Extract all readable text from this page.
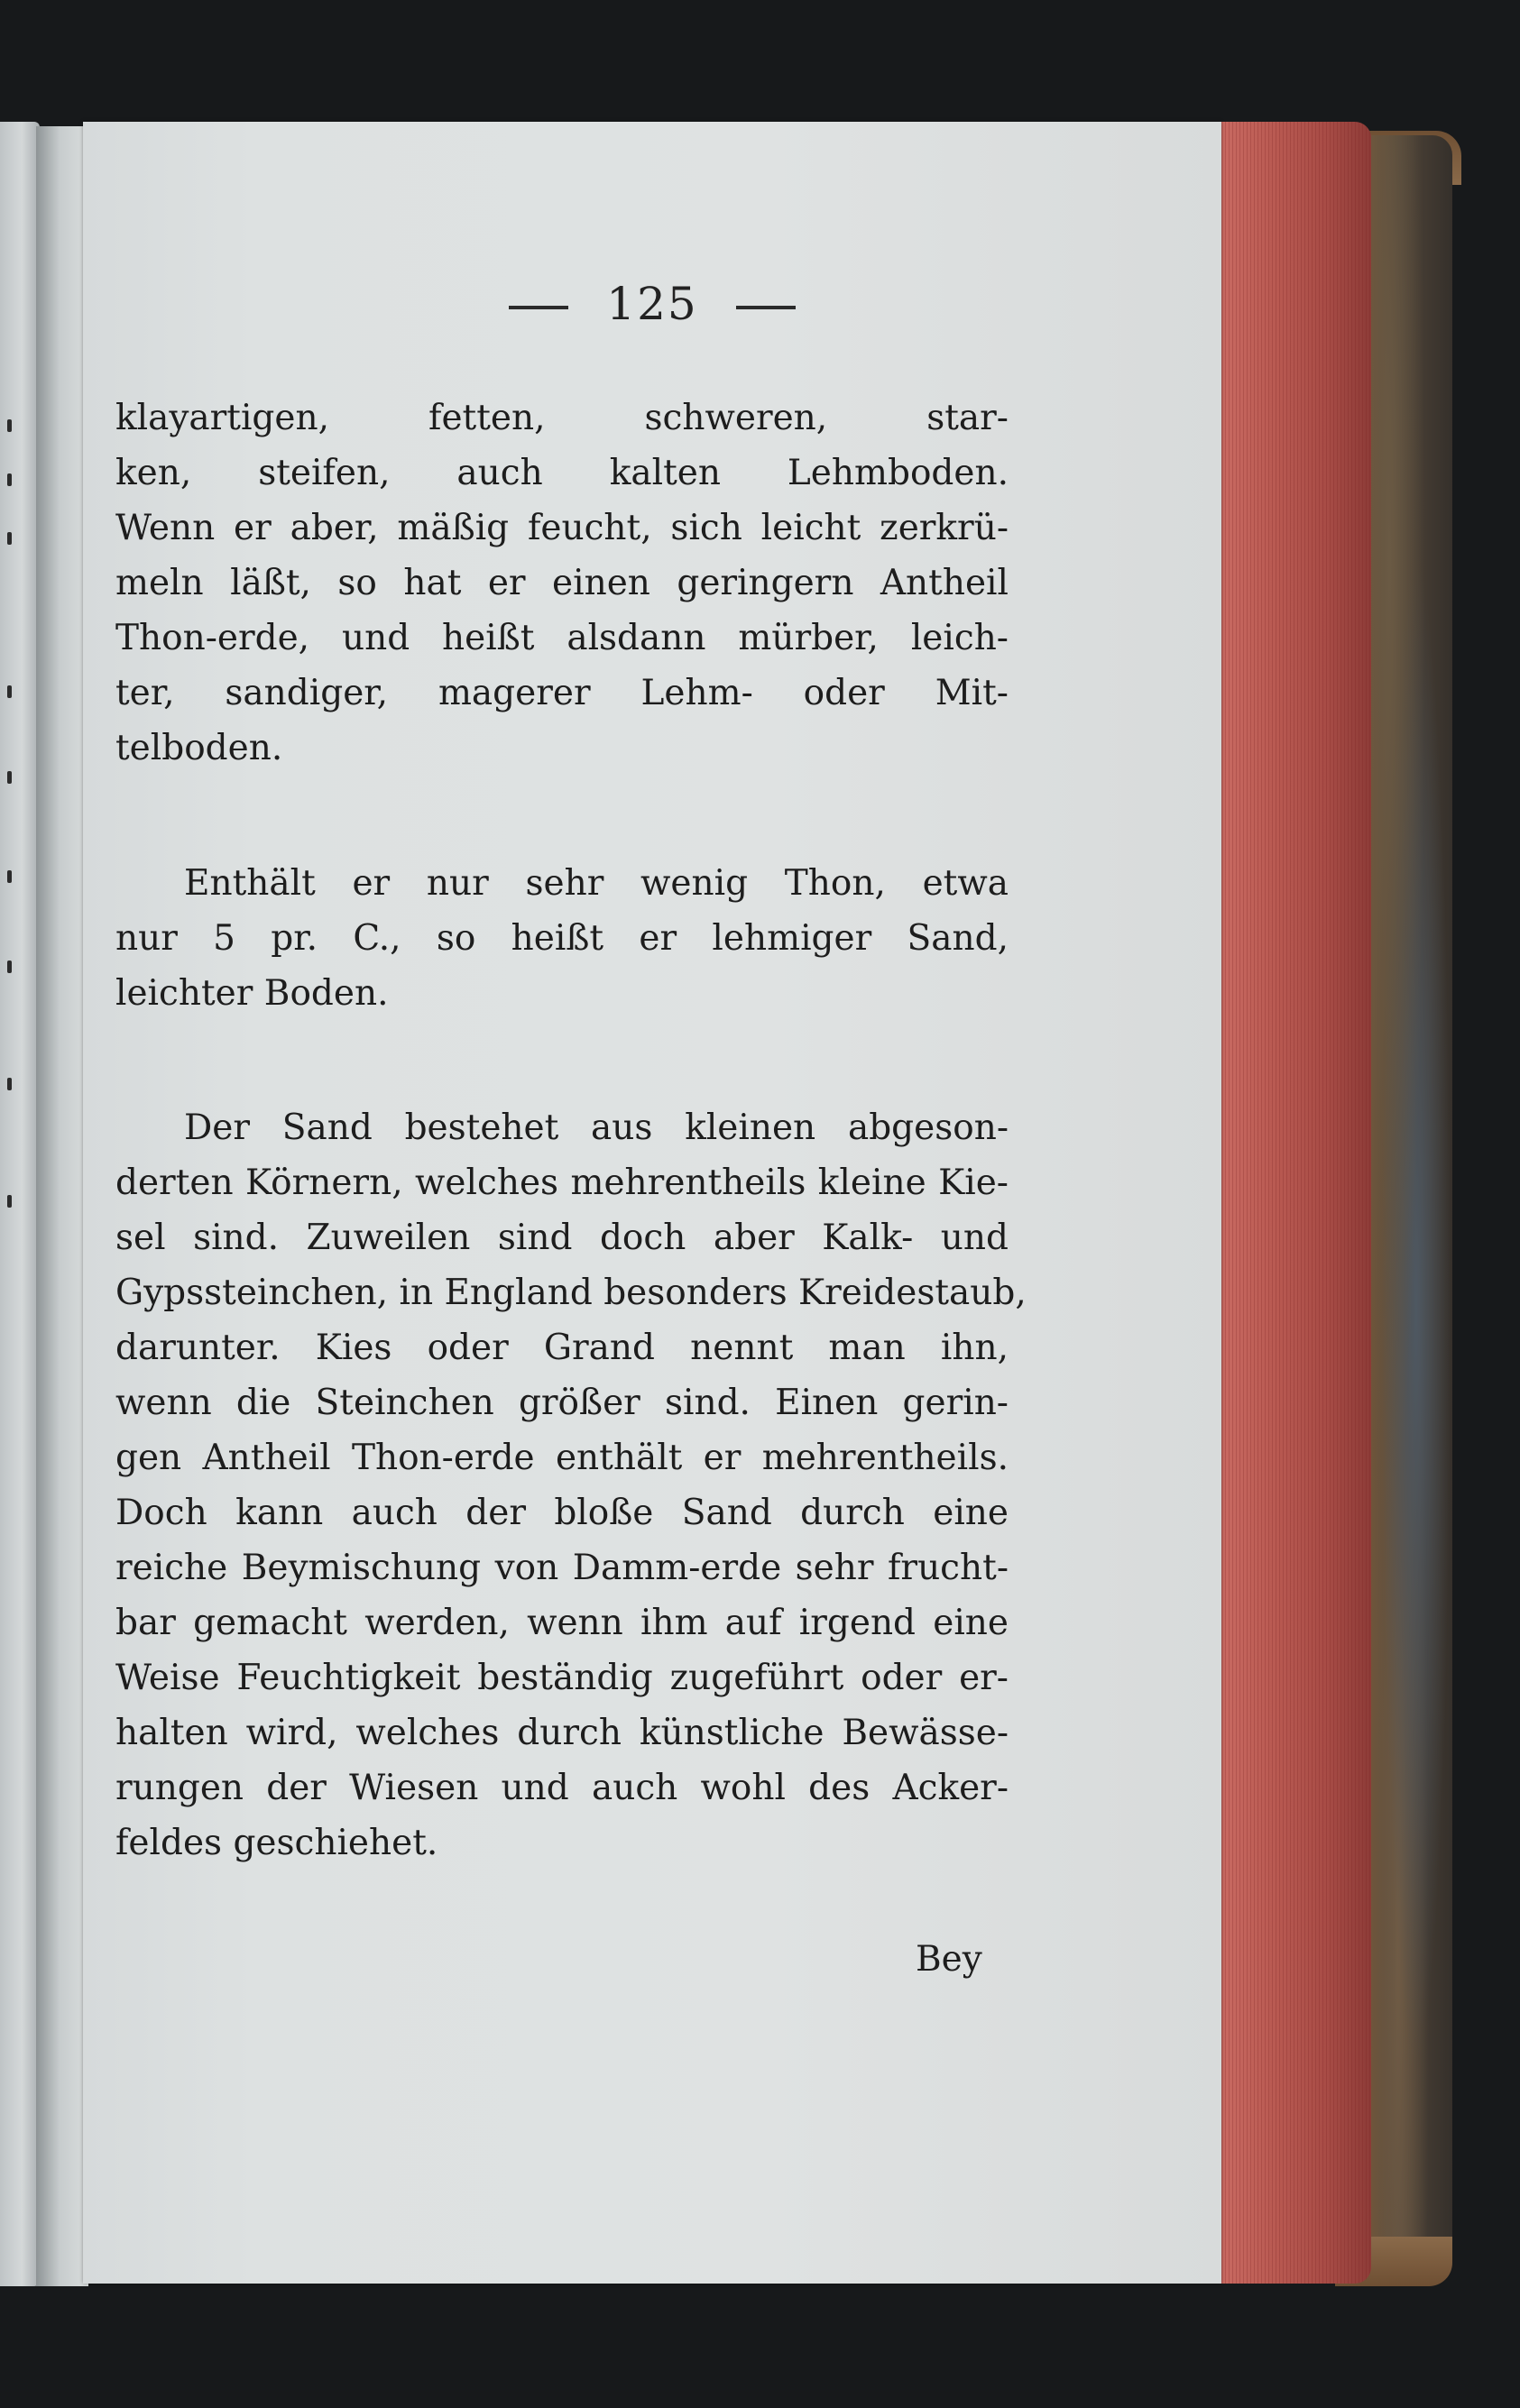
125
klayartigen, fetten, schweren, star-
ken, steifen, auch kalten Lehmboden.
Wenn er aber, mäßig feucht, sich leicht zerkrü-
meln läßt, so hat er einen geringern Antheil
Thon-erde, und heißt alsdann mürber, leich-
ter, sandiger, magerer Lehm- oder Mit-
telboden.
Enthält er nur sehr wenig Thon, etwa
nur 5 pr. C., so heißt er lehmiger Sand,
leichter Boden.
Der Sand bestehet aus kleinen abgeson-
derten Körnern, welches mehrentheils kleine Kie-
sel sind. Zuweilen sind doch aber Kalk- und
Gypssteinchen, in England besonders Kreidestaub,
darunter. Kies oder Grand nennt man ihn,
wenn die Steinchen größer sind. Einen gerin-
gen Antheil Thon-erde enthält er mehrentheils.
Doch kann auch der bloße Sand durch eine
reiche Beymischung von Damm-erde sehr frucht-
bar gemacht werden, wenn ihm auf irgend eine
Weise Feuchtigkeit beständig zugeführt oder er-
halten wird, welches durch künstliche Bewässe-
rungen der Wiesen und auch wohl des Acker-
feldes geschiehet.
Bey
